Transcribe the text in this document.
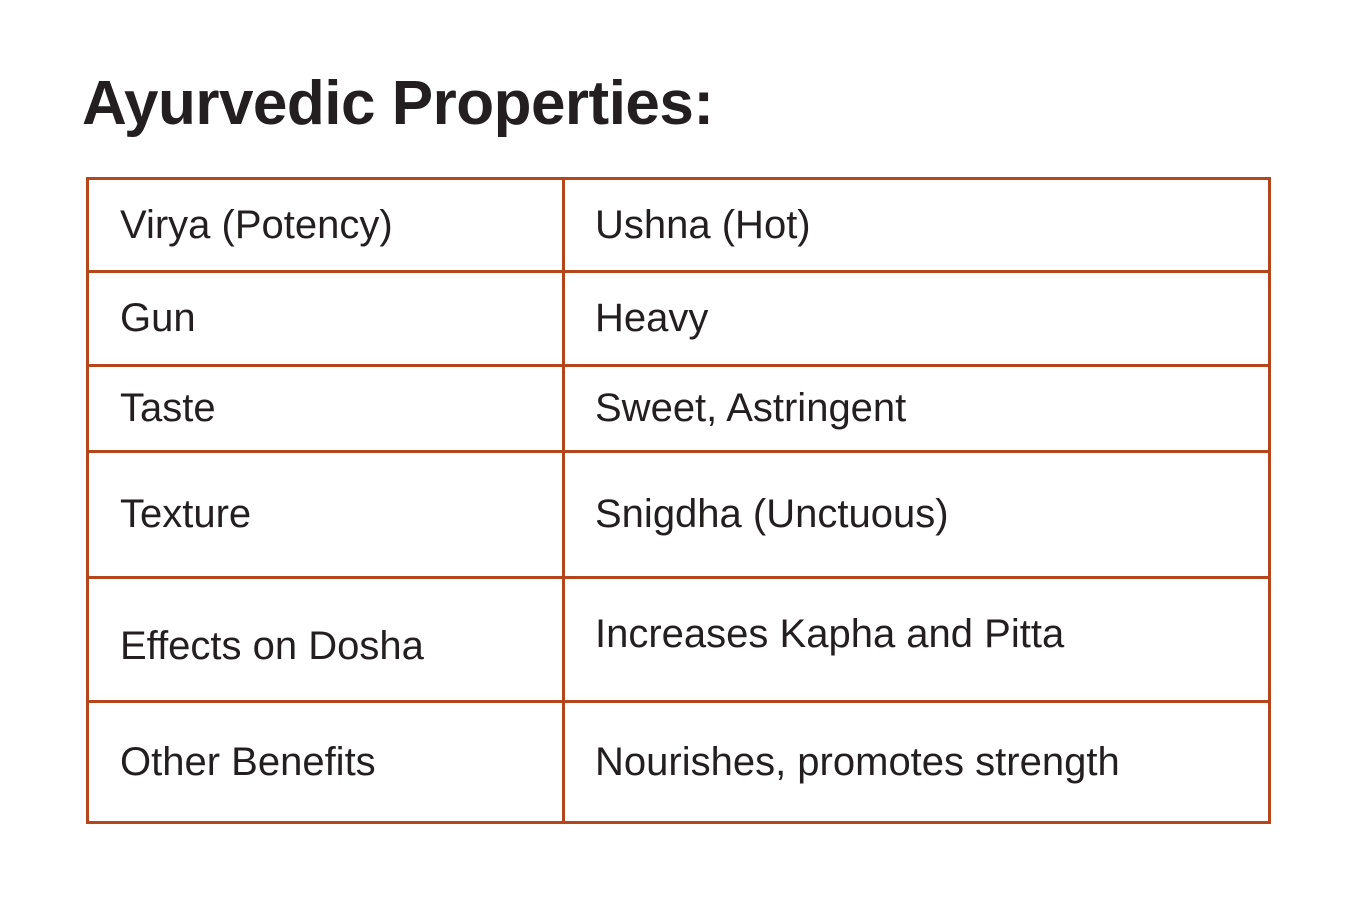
Ayurvedic Properties:
Virya (Potency)	Ushna (Hot)
Gun	Heavy
Taste	Sweet, Astringent
Texture	Snigdha (Unctuous)
Effects on Dosha	Increases Kapha and Pitta
Other Benefits	Nourishes, promotes strength
